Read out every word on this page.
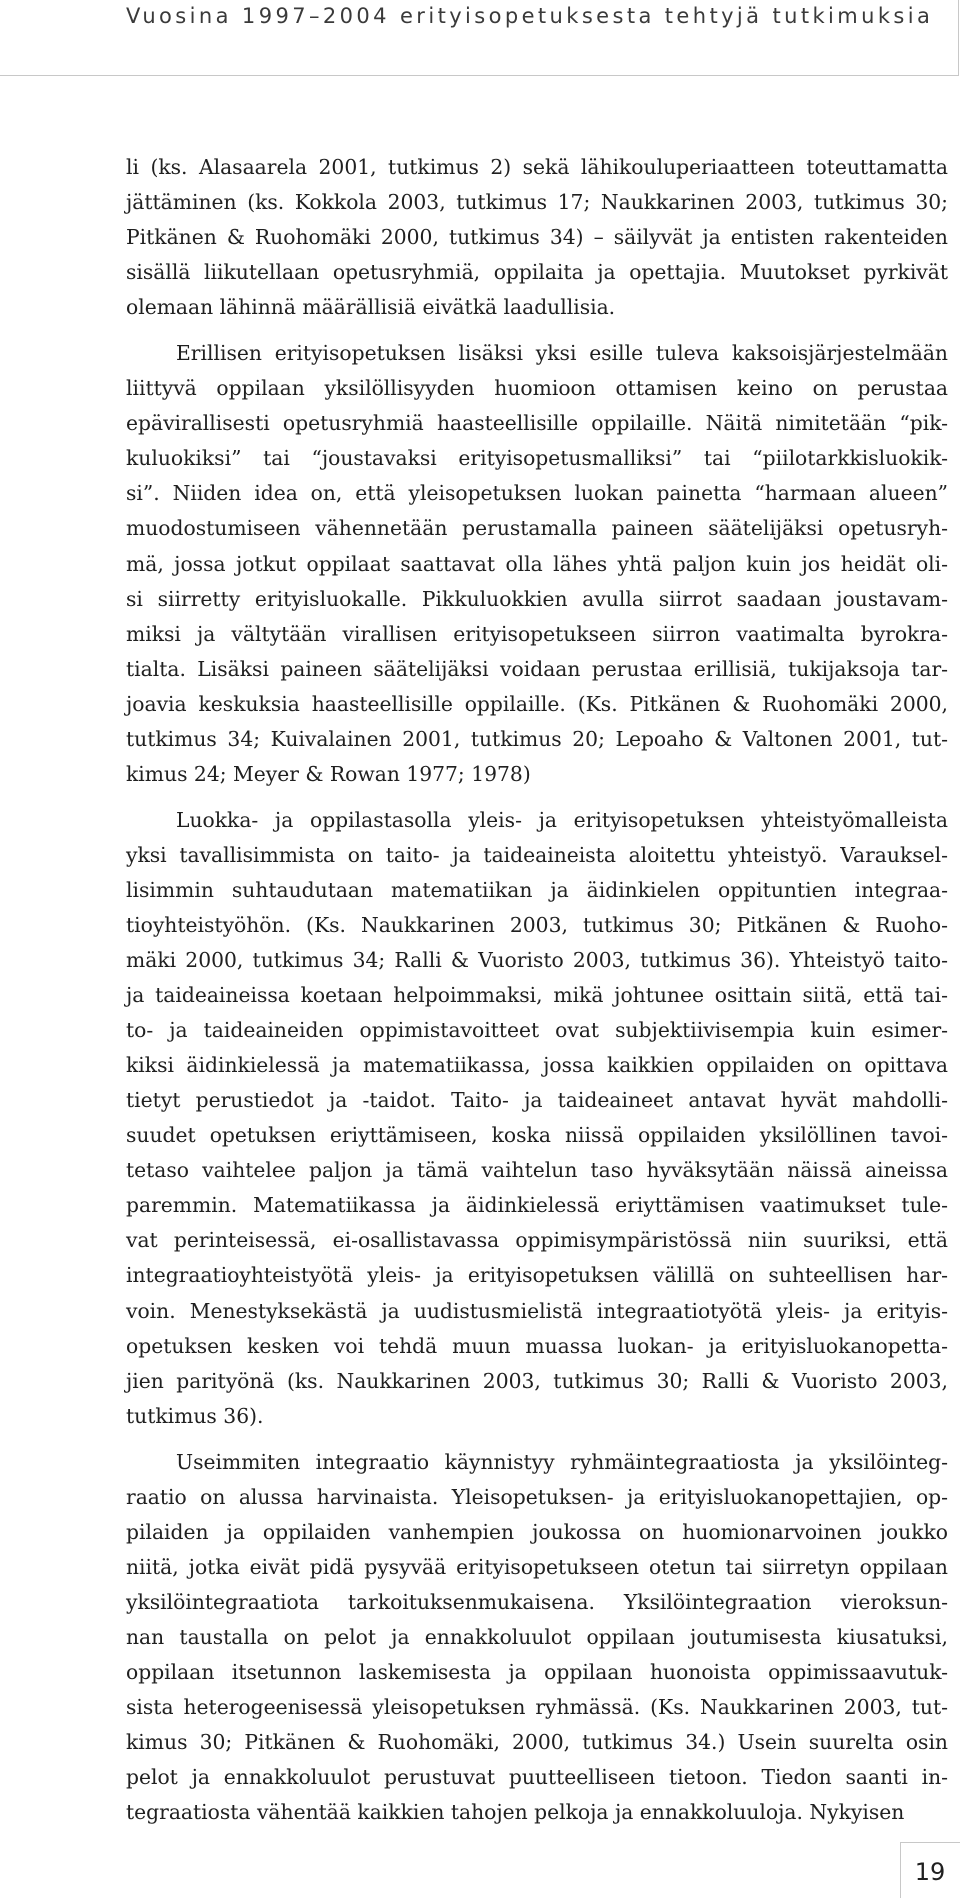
Vuosina 1997–2004 erityisopetuksesta tehtyjä tutkimuksia
li (ks. Alasaarela 2001, tutkimus 2) sekä lähikouluperiaatteen toteuttamatta
jättäminen (ks. Kokkola 2003, tutkimus 17; Naukkarinen 2003, tutkimus 30;
Pitkänen & Ruohomäki 2000, tutkimus 34) – säilyvät ja entisten rakenteiden
sisällä liikutellaan opetusryhmiä, oppilaita ja opettajia. Muutokset pyrkivät
olemaan lähinnä määrällisiä eivätkä laadullisia.
Erillisen erityisopetuksen lisäksi yksi esille tuleva kaksoisjärjestelmään
liittyvä oppilaan yksilöllisyyden huomioon ottamisen keino on perustaa
epävirallisesti opetusryhmiä haasteellisille oppilaille. Näitä nimitetään “pik-
kuluokiksi” tai “joustavaksi erityisopetusmalliksi” tai “piilotarkkisluokik-
si”. Niiden idea on, että yleisopetuksen luokan painetta “harmaan alueen”
muodostumiseen vähennetään perustamalla paineen säätelijäksi opetusryh-
mä, jossa jotkut oppilaat saattavat olla lähes yhtä paljon kuin jos heidät oli-
si siirretty erityisluokalle. Pikkuluokkien avulla siirrot saadaan joustavam-
miksi ja vältytään virallisen erityisopetukseen siirron vaatimalta byrokra-
tialta. Lisäksi paineen säätelijäksi voidaan perustaa erillisiä, tukijaksoja tar-
joavia keskuksia haasteellisille oppilaille. (Ks. Pitkänen & Ruohomäki 2000,
tutkimus 34; Kuivalainen 2001, tutkimus 20; Lepoaho & Valtonen 2001, tut-
kimus 24; Meyer & Rowan 1977; 1978)
Luokka- ja oppilastasolla yleis- ja erityisopetuksen yhteistyömalleista
yksi tavallisimmista on taito- ja taideaineista aloitettu yhteistyö. Varauksel-
lisimmin suhtaudutaan matematiikan ja äidinkielen oppituntien integraa-
tioyhteistyöhön. (Ks. Naukkarinen 2003, tutkimus 30; Pitkänen & Ruoho-
mäki 2000, tutkimus 34; Ralli & Vuoristo 2003, tutkimus 36). Yhteistyö taito-
ja taideaineissa koetaan helpoimmaksi, mikä johtunee osittain siitä, että tai-
to- ja taideaineiden oppimistavoitteet ovat subjektiivisempia kuin esimer-
kiksi äidinkielessä ja matematiikassa, jossa kaikkien oppilaiden on opittava
tietyt perustiedot ja -taidot. Taito- ja taideaineet antavat hyvät mahdolli-
suudet opetuksen eriyttämiseen, koska niissä oppilaiden yksilöllinen tavoi-
tetaso vaihtelee paljon ja tämä vaihtelun taso hyväksytään näissä aineissa
paremmin. Matematiikassa ja äidinkielessä eriyttämisen vaatimukset tule-
vat perinteisessä, ei-osallistavassa oppimisympäristössä niin suuriksi, että
integraatioyhteistyötä yleis- ja erityisopetuksen välillä on suhteellisen har-
voin. Menestyksekästä ja uudistusmielistä integraatiotyötä yleis- ja erityis-
opetuksen kesken voi tehdä muun muassa luokan- ja erityisluokanopetta-
jien parityönä (ks. Naukkarinen 2003, tutkimus 30; Ralli & Vuoristo 2003,
tutkimus 36).
Useimmiten integraatio käynnistyy ryhmäintegraatiosta ja yksilöinteg-
raatio on alussa harvinaista. Yleisopetuksen- ja erityisluokanopettajien, op-
pilaiden ja oppilaiden vanhempien joukossa on huomionarvoinen joukko
niitä, jotka eivät pidä pysyvää erityisopetukseen otetun tai siirretyn oppilaan
yksilöintegraatiota tarkoituksenmukaisena. Yksilöintegraation vieroksun-
nan taustalla on pelot ja ennakkoluulot oppilaan joutumisesta kiusatuksi,
oppilaan itsetunnon laskemisesta ja oppilaan huonoista oppimissaavutuk-
sista heterogeenisessä yleisopetuksen ryhmässä. (Ks. Naukkarinen 2003, tut-
kimus 30; Pitkänen & Ruohomäki, 2000, tutkimus 34.) Usein suurelta osin
pelot ja ennakkoluulot perustuvat puutteelliseen tietoon. Tiedon saanti in-
tegraatiosta vähentää kaikkien tahojen pelkoja ja ennakkoluuloja. Nykyisen
19
